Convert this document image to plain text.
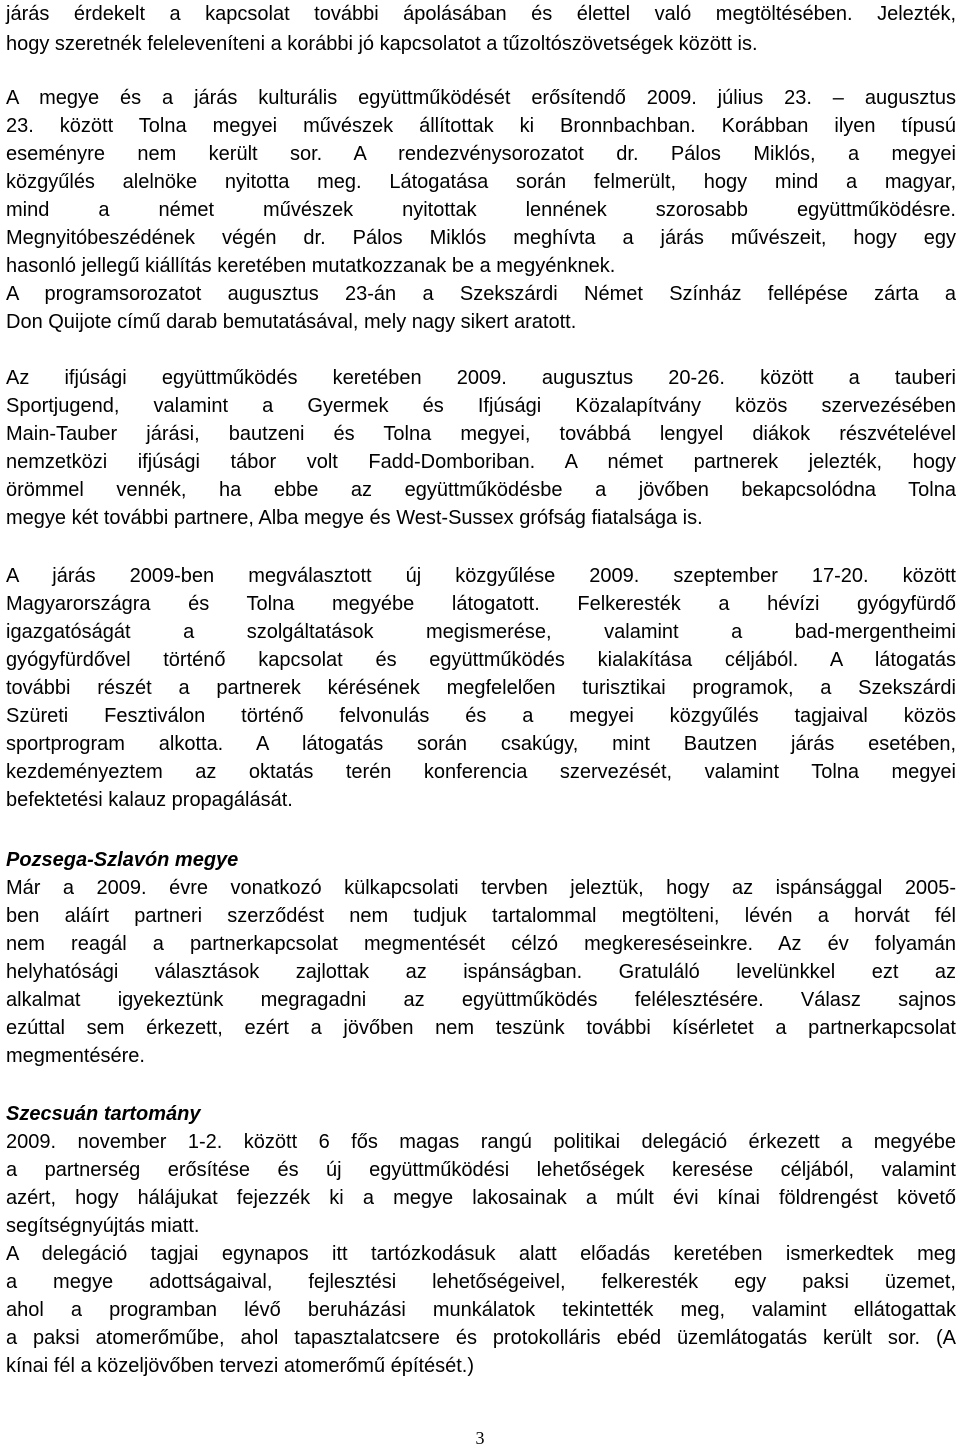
járás érdekelt a kapcsolat további ápolásában és élettel való megtöltésében. Jelezték,
hogy szeretnék feleleveníteni a korábbi jó kapcsolatot a tűzoltószövetségek között is.
A megye és a járás kulturális együttműködését erősítendő 2009. július 23. – augusztus
23. között Tolna megyei művészek állítottak ki Bronnbachban. Korábban ilyen típusú
eseményre nem került sor. A rendezvénysorozatot dr. Pálos Miklós, a megyei
közgyűlés alelnöke nyitotta meg. Látogatása során felmerült, hogy mind a magyar,
mind a német művészek nyitottak lennének szorosabb együttműködésre.
Megnyitóbeszédének végén dr. Pálos Miklós meghívta a járás művészeit, hogy egy
hasonló jellegű kiállítás keretében mutatkozzanak be a megyénknek.
A programsorozatot augusztus 23-án a Szekszárdi Német Színház fellépése zárta a
Don Quijote című darab bemutatásával, mely nagy sikert aratott.
Az ifjúsági együttműködés keretében 2009. augusztus 20-26. között a tauberi
Sportjugend, valamint a Gyermek és Ifjúsági Közalapítvány közös szervezésében
Main-Tauber járási, bautzeni és Tolna megyei, továbbá lengyel diákok részvételével
nemzetközi ifjúsági tábor volt Fadd-Domboriban. A német partnerek jelezték, hogy
örömmel vennék, ha ebbe az együttműködésbe a jövőben bekapcsolódna Tolna
megye két további partnere, Alba megye és West-Sussex grófság fiatalsága is.
A járás 2009-ben megválasztott új közgyűlése 2009. szeptember 17-20. között
Magyarországra és Tolna megyébe látogatott. Felkeresték a hévízi gyógyfürdő
igazgatóságát a szolgáltatások megismerése, valamint a bad-mergentheimi
gyógyfürdővel történő kapcsolat és együttműködés kialakítása céljából. A látogatás
további részét a partnerek kérésének megfelelően turisztikai programok, a Szekszárdi
Szüreti Fesztiválon történő felvonulás és a megyei közgyűlés tagjaival közös
sportprogram alkotta. A látogatás során csakúgy, mint Bautzen járás esetében,
kezdeményeztem az oktatás terén konferencia szervezését, valamint Tolna megyei
befektetési kalauz propagálását.
Pozsega-Szlavón megye
Már a 2009. évre vonatkozó külkapcsolati tervben jeleztük, hogy az ispánsággal 2005-
ben aláírt partneri szerződést nem tudjuk tartalommal megtölteni, lévén a horvát fél
nem reagál a partnerkapcsolat megmentését célzó megkereséseinkre. Az év folyamán
helyhatósági választások zajlottak az ispánságban. Gratuláló levelünkkel ezt az
alkalmat igyekeztünk megragadni az együttműködés felélesztésére. Válasz sajnos
ezúttal sem érkezett, ezért a jövőben nem teszünk további kísérletet a partnerkapcsolat
megmentésére.
Szecsuán tartomány
2009. november 1-2. között 6 fős magas rangú politikai delegáció érkezett a megyébe
a partnerség erősítése és új együttműködési lehetőségek keresése céljából, valamint
azért, hogy hálájukat fejezzék ki a megye lakosainak a múlt évi kínai földrengést követő
segítségnyújtás miatt.
A delegáció tagjai egynapos itt tartózkodásuk alatt előadás keretében ismerkedtek meg
a megye adottságaival, fejlesztési lehetőségeivel, felkeresték egy paksi üzemet,
ahol a programban lévő beruházási munkálatok tekintették meg, valamint ellátogattak
a paksi atomerőműbe, ahol tapasztalatcsere és protokolláris ebéd üzemlátogatás került sor. (A
kínai fél a közeljövőben tervezi atomerőmű építését.)
3
